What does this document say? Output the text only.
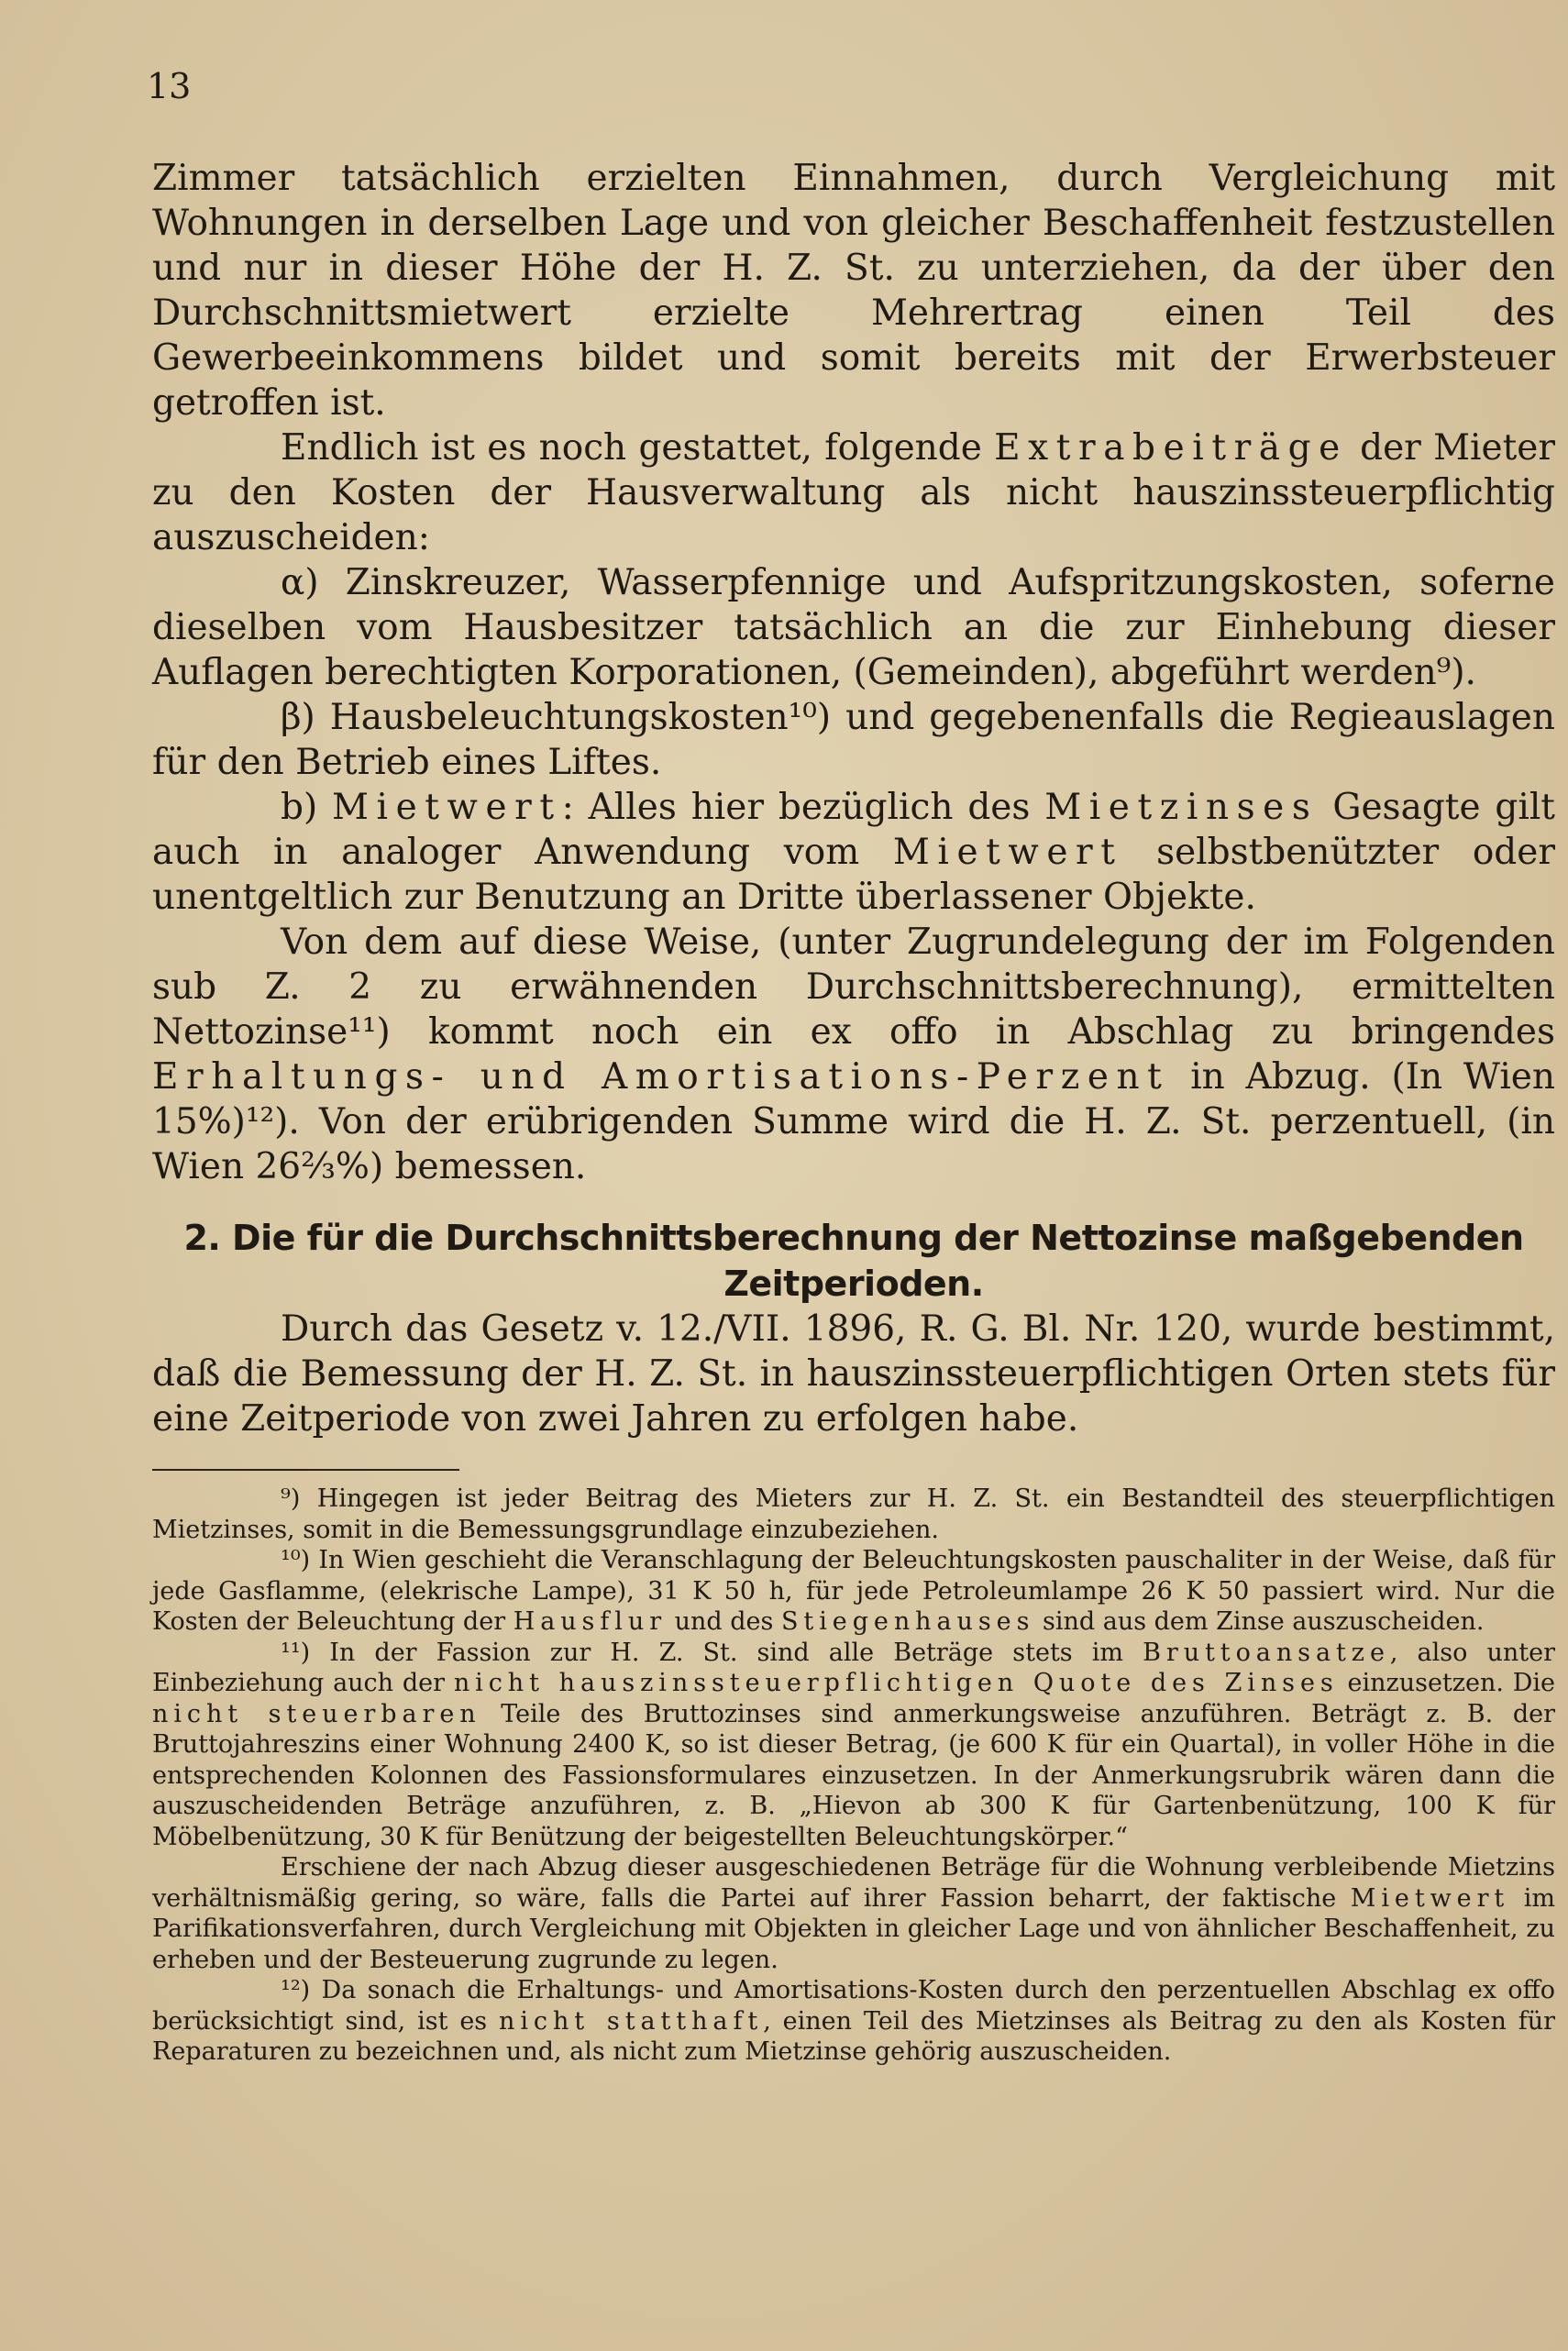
13

Zimmer tatsächlich erzielten Einnahmen, durch Vergleichung mit Wohnungen in derselben Lage und von gleicher Beschaffenheit festzustellen und nur in dieser Höhe der H. Z. St. zu unterziehen, da der über den Durchschnittsmietwert erzielte Mehrertrag einen Teil des Gewerbeeinkommens bildet und somit bereits mit der Erwerbsteuer getroffen ist.

Endlich ist es noch gestattet, folgende Extrabeiträge der Mieter zu den Kosten der Hausverwaltung als nicht hauszinssteuerpflichtig auszuscheiden:

α) Zinskreuzer, Wasserpfennige und Aufspritzungskosten, soferne dieselben vom Hausbesitzer tatsächlich an die zur Einhebung dieser Auflagen berechtigten Korporationen, (Gemeinden), abgeführt werden⁹).

β) Hausbeleuchtungskosten¹⁰) und gegebenenfalls die Regieauslagen für den Betrieb eines Liftes.

b) Mietwert: Alles hier bezüglich des Mietzinses Gesagte gilt auch in analoger Anwendung vom Mietwert selbstbenützter oder unentgeltlich zur Benutzung an Dritte überlassener Objekte.

Von dem auf diese Weise, (unter Zugrundelegung der im Folgenden sub Z. 2 zu erwähnenden Durchschnittsberechnung), ermittelten Nettozinse¹¹) kommt noch ein ex offo in Abschlag zu bringendes Erhaltungs- und Amortisations-Perzent in Abzug. (In Wien 15%)¹²). Von der erübrigenden Summe wird die H. Z. St. perzentuell, (in Wien 26⅔%) bemessen.

2. Die für die Durchschnittsberechnung der Nettozinse maßgebenden Zeitperioden.

Durch das Gesetz v. 12./VII. 1896, R. G. Bl. Nr. 120, wurde bestimmt, daß die Bemessung der H. Z. St. in hauszinssteuerpflichtigen Orten stets für eine Zeitperiode von zwei Jahren zu erfolgen habe.

⁹) Hingegen ist jeder Beitrag des Mieters zur H. Z. St. ein Bestandteil des steuerpflichtigen Mietzinses, somit in die Bemessungsgrundlage einzubeziehen.

¹⁰) In Wien geschieht die Veranschlagung der Beleuchtungskosten pauschaliter in der Weise, daß für jede Gasflamme, (elekrische Lampe), 31 K 50 h, für jede Petroleumlampe 26 K 50 passiert wird. Nur die Kosten der Beleuchtung der Hausflur und des Stiegenhauses sind aus dem Zinse auszuscheiden.

¹¹) In der Fassion zur H. Z. St. sind alle Beträge stets im Bruttoansatze, also unter Einbeziehung auch der nicht hauszinssteuerpflichtigen Quote des Zinses einzusetzen. Die nicht steuerbaren Teile des Bruttozinses sind anmerkungsweise anzuführen. Beträgt z. B. der Bruttojahreszins einer Wohnung 2400 K, so ist dieser Betrag, (je 600 K für ein Quartal), in voller Höhe in die entsprechenden Kolonnen des Fassionsformulares einzusetzen. In der Anmerkungsrubrik wären dann die auszuscheidenden Beträge anzuführen, z. B. „Hievon ab 300 K für Gartenbenützung, 100 K für Möbelbenützung, 30 K für Benützung der beigestellten Beleuchtungskörper.“

Erschiene der nach Abzug dieser ausgeschiedenen Beträge für die Wohnung verbleibende Mietzins verhältnismäßig gering, so wäre, falls die Partei auf ihrer Fassion beharrt, der faktische Mietwert im Parifikationsverfahren, durch Vergleichung mit Objekten in gleicher Lage und von ähnlicher Beschaffenheit, zu erheben und der Besteuerung zugrunde zu legen.

¹²) Da sonach die Erhaltungs- und Amortisations-Kosten durch den perzentuellen Abschlag ex offo berücksichtigt sind, ist es nicht statthaft, einen Teil des Mietzinses als Beitrag zu den als Kosten für Reparaturen zu bezeichnen und, als nicht zum Mietzinse gehörig auszuscheiden.
